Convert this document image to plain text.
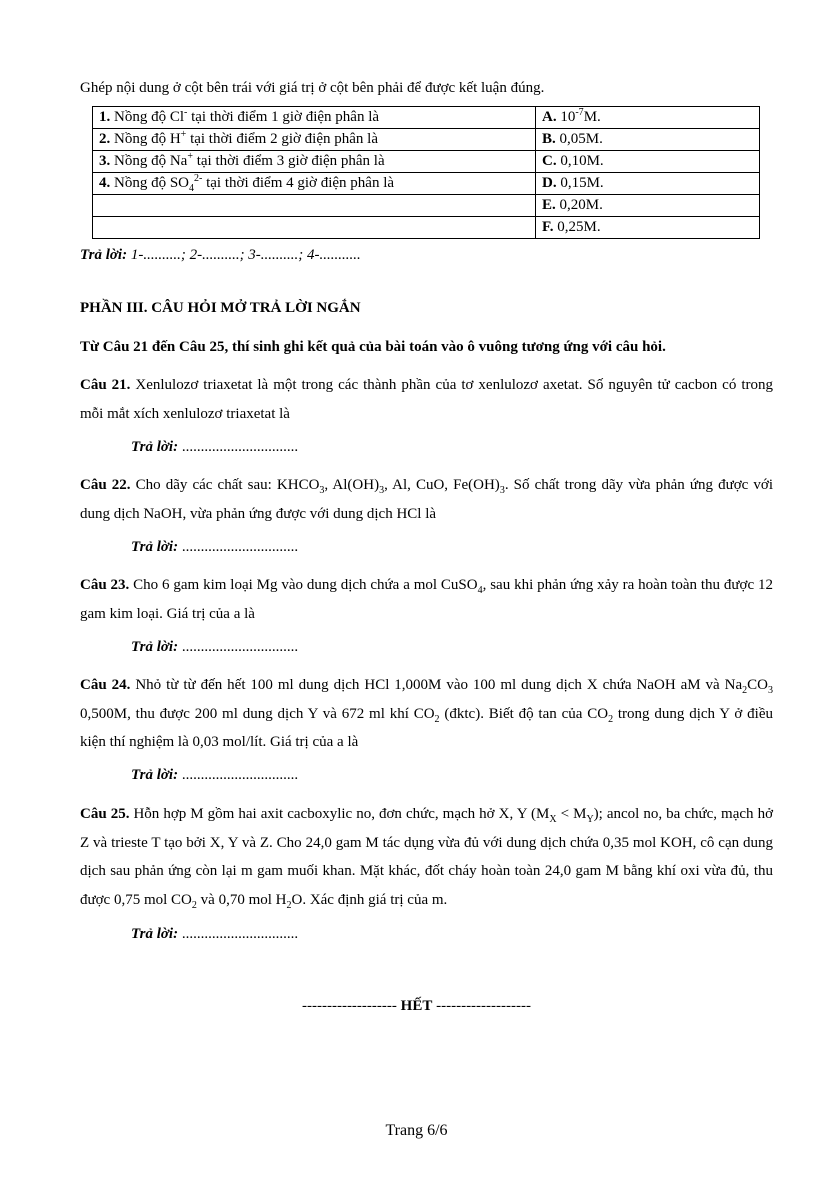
Ghép nội dung ở cột bên trái với giá trị ở cột bên phải để được kết luận đúng.
1. Nồng độ Cl- tại thời điểm 1 giờ điện phân là	A. $10^{-7}M$.
2. Nồng độ H+ tại thời điểm 2 giờ điện phân là	B. 0,05M.
3. Nồng độ Na+ tại thời điểm 3 giờ điện phân là	C. 0,10M.
4. Nồng độ $SO_4^{2-}$ tại thời điểm 4 giờ điện phân là	D. 0,15M.
	E. 0,20M.
	F. 0,25M.
Trả lời: 1-..........; 2-..........; 3-..........; 4-...........
PHẦN III. CÂU HỎI MỞ TRẢ LỜI NGẮN
Từ Câu 21 đến Câu 25, thí sinh ghi kết quả của bài toán vào ô vuông tương ứng với câu hỏi.
Câu 21. Xenlulozơ triaxetat là một trong các thành phần của tơ xenlulozơ axetat. Số nguyên tử cacbon có trong mỗi mắt xích xenlulozơ triaxetat là
Trả lời: ...............................
Câu 22. Cho dãy các chất sau: $KHCO_3$, $Al(OH)_3$, Al, CuO, $Fe(OH)_3$. Số chất trong dãy vừa phản ứng được với dung dịch NaOH, vừa phản ứng được với dung dịch HCl là
Trả lời: ...............................
Câu 23. Cho 6 gam kim loại Mg vào dung dịch chứa a mol CuSO$_4$, sau khi phản ứng xảy ra hoàn toàn thu được 12 gam kim loại. Giá trị của a là
Trả lời: ...............................
Câu 24. Nhỏ từ từ đến hết 100 ml dung dịch HCl 1,000M vào 100 ml dung dịch X chứa NaOH aM và $Na_2CO_3$ 0,500M, thu được 200 ml dung dịch Y và 672 ml khí $CO_2$ (đktc). Biết độ tan của $CO_2$ trong dung dịch Y ở điều kiện thí nghiệm là 0,03 mol/lít. Giá trị của a là
Trả lời: ...............................
Câu 25. Hỗn hợp M gồm hai axit cacboxylic no, đơn chức, mạch hở X, Y $(M_X < M_Y)$; ancol no, ba chức, mạch hở Z và trieste T tạo bởi X, Y và Z. Cho 24,0 gam M tác dụng vừa đủ với dung dịch chứa 0,35 mol KOH, cô cạn dung dịch sau phản ứng còn lại m gam muối khan. Mặt khác, đốt cháy hoàn toàn 24,0 gam M bằng khí oxi vừa đủ, thu được 0,75 mol $CO_2$ và 0,70 mol $H_2O$. Xác định giá trị của m.
Trả lời: ...............................
------------------- HẾT -------------------
Trang 6/6
